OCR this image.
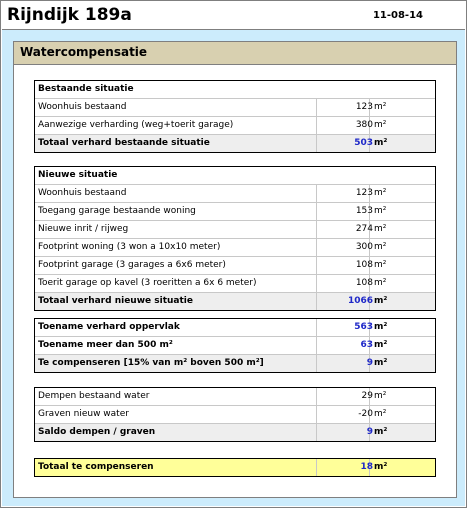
Rijndijk 189a	11-08-14
Watercompensatie
Bestaande situatie
Woonhuis bestaand	123 m²
Aanwezige verharding (weg+toerit garage)	380 m²
Totaal verhard bestaande situatie	503 m²
Nieuwe situatie
Woonhuis bestaand	123 m²
Toegang garage bestaande woning	153 m²
Nieuwe inrit / rijweg	274 m²
Footprint woning (3 won a 10x10 meter)	300 m²
Footprint garage (3 garages a 6x6 meter)	108 m²
Toerit garage op kavel (3 roeritten a 6x 6 meter)	108 m²
Totaal verhard nieuwe situatie	1066 m²
Toename verhard oppervlak	563 m²
Toename meer dan 500 m²	63 m²
Te compenseren [15% van m² boven 500 m²]	9 m²
Dempen bestaand water	29 m²
Graven nieuw water	-20 m²
Saldo dempen / graven	9 m²
Totaal te compenseren	18 m²
